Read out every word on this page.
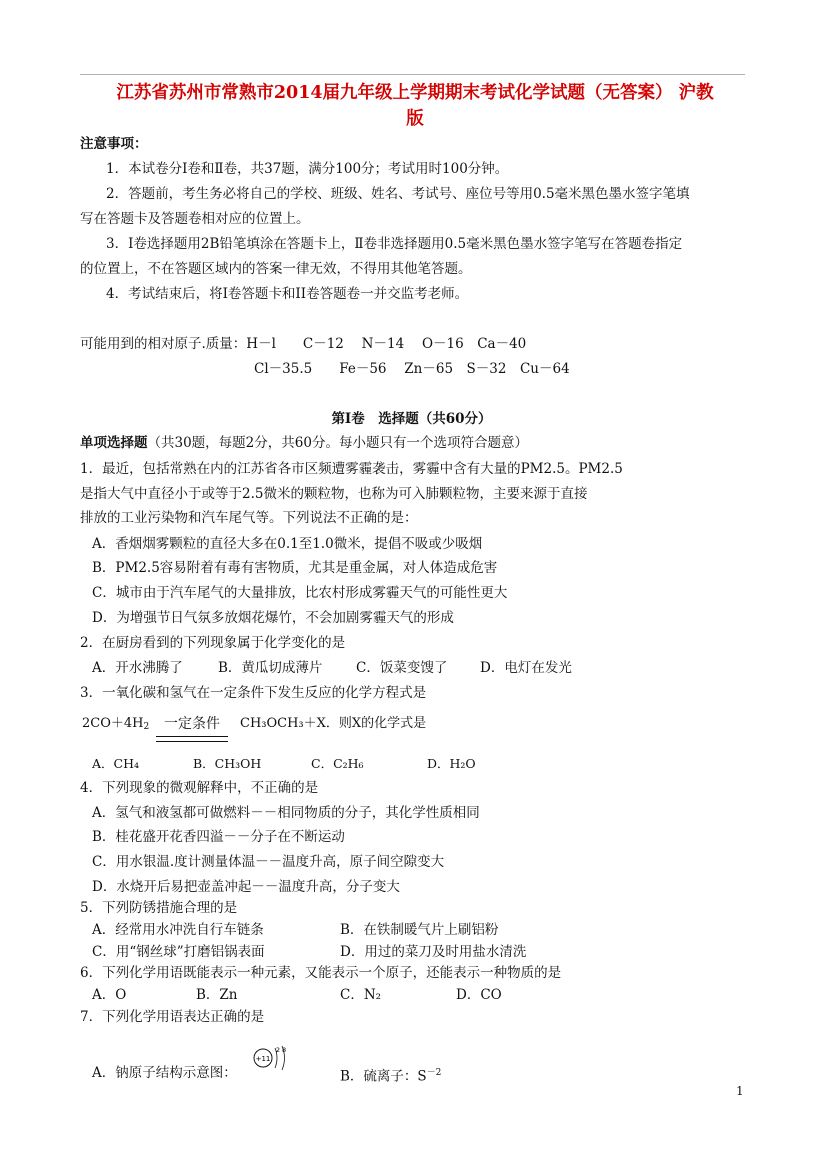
江苏省苏州市常熟市2014届九年级上学期期末考试化学试题（无答案） 沪教
版
注意事项：
1．本试卷分Ⅰ卷和Ⅱ卷，共37题，满分100分；考试用时100分钟。
2．答题前，考生务必将自己的学校、班级、姓名、考试号、座位号等用0.5毫米黑色墨水签字笔填
写在答题卡及答题卷相对应的位置上。
3．Ⅰ卷选择题用2B铅笔填涂在答题卡上，Ⅱ卷非选择题用0.5毫米黑色墨水签字笔写在答题卷指定
的位置上，不在答题区域内的答案一律无效，不得用其他笔答题。
4．考试结束后，将I卷答题卡和II卷答题卷一并交监考老师。
可能用到的相对原子.质量：H－l　　C－12　 N－14　 O－16　Ca－40
Cl－35.5　　Fe－56　 Zn－65　S－32　Cu－64
第Ⅰ卷　选择题（共60分）
单项选择题（共30题，每题2分，共60分。每小题只有一个选项符合题意）
1．最近，包括常熟在内的江苏省各市区频遭雾霾袭击，雾霾中含有大量的PM2.5。PM2.5
是指大气中直径小于或等于2.5微米的颗粒物，也称为可入肺颗粒物，主要来源于直接
排放的工业污染物和汽车尾气等。下列说法不正确的是：
A．香烟烟雾颗粒的直径大多在0.1至1.0微米，提倡不吸或少吸烟
B．PM2.5容易附着有毒有害物质，尤其是重金属，对人体造成危害
C．城市由于汽车尾气的大量排放，比农村形成雾霾天气的可能性更大
D．为增强节日气氛多放烟花爆竹，不会加剧雾霾天气的形成
2．在厨房看到的下列现象属于化学变化的是
A．开水沸腾了	B．黄瓜切成薄片 C．饭菜变馊了 D．电灯在发光
3．一氧化碳和氢气在一定条件下发生反应的化学方程式是
2CO＋4H2	一定条件	CH₃OCH₃＋X．则X的化学式是
A．CH₄	B．CH₃OH	C．C₂H₆	D．H₂O
4．下列现象的微观解释中，不正确的是
A．氢气和液氢都可做燃料－－相同物质的分子，其化学性质相同
B．桂花盛开花香四溢－－分子在不断运动
C．用水银温.度计测量体温－－温度升高，原子间空隙变大
D．水烧开后易把壶盖冲起－－温度升高，分子变大
5．下列防锈措施合理的是
A．经常用水冲洗自行车链条	B．在铁制暖气片上刷铝粉
C．用“钢丝球”打磨铝锅表面	D．用过的菜刀及时用盐水清洗
6．下列化学用语既能表示一种元素，又能表示一个原子，还能表示一种物质的是
A．O	B．Zn	C．N₂	D．CO
7．下列化学用语表达正确的是
A．钠原子结构示意图：
+11
2 8
B．硫离子：$S^{-2}$
1
